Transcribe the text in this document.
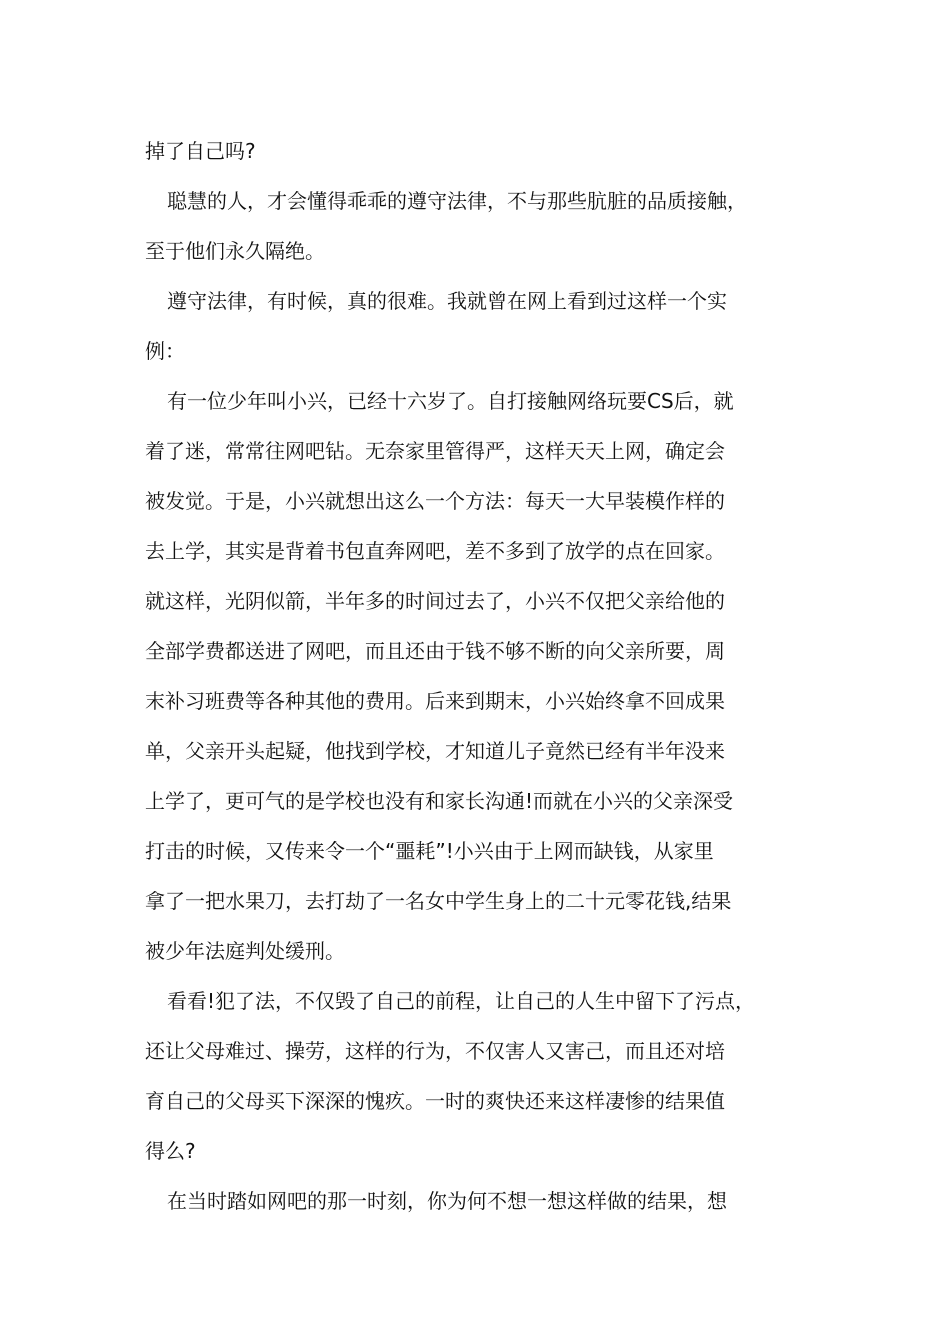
掉了自己吗?
聪慧的人，才会懂得乖乖的遵守法律，不与那些肮脏的品质接触，
至于他们永久隔绝。
遵守法律，有时候，真的很难。我就曾在网上看到过这样一个实
例：
有一位少年叫小兴，已经十六岁了。自打接触网络玩要CS后，就
着了迷，常常往网吧钻。无奈家里管得严，这样天天上网，确定会
被发觉。于是，小兴就想出这么一个方法：每天一大早装模作样的
去上学，其实是背着书包直奔网吧，差不多到了放学的点在回家。
就这样，光阴似箭，半年多的时间过去了，小兴不仅把父亲给他的
全部学费都送进了网吧，而且还由于钱不够不断的向父亲所要，周
末补习班费等各种其他的费用。后来到期末，小兴始终拿不回成果
单，父亲开头起疑，他找到学校，才知道儿子竟然已经有半年没来
上学了，更可气的是学校也没有和家长沟通!而就在小兴的父亲深受
打击的时候，又传来令一个“噩耗”!小兴由于上网而缺钱，从家里
拿了一把水果刀，去打劫了一名女中学生身上的二十元零花钱,结果
被少年法庭判处缓刑。
看看!犯了法，不仅毁了自己的前程，让自己的人生中留下了污点，
还让父母难过、操劳，这样的行为，不仅害人又害己，而且还对培
育自己的父母买下深深的愧疚。一时的爽快还来这样凄惨的结果值
得么?
在当时踏如网吧的那一时刻，你为何不想一想这样做的结果，想
